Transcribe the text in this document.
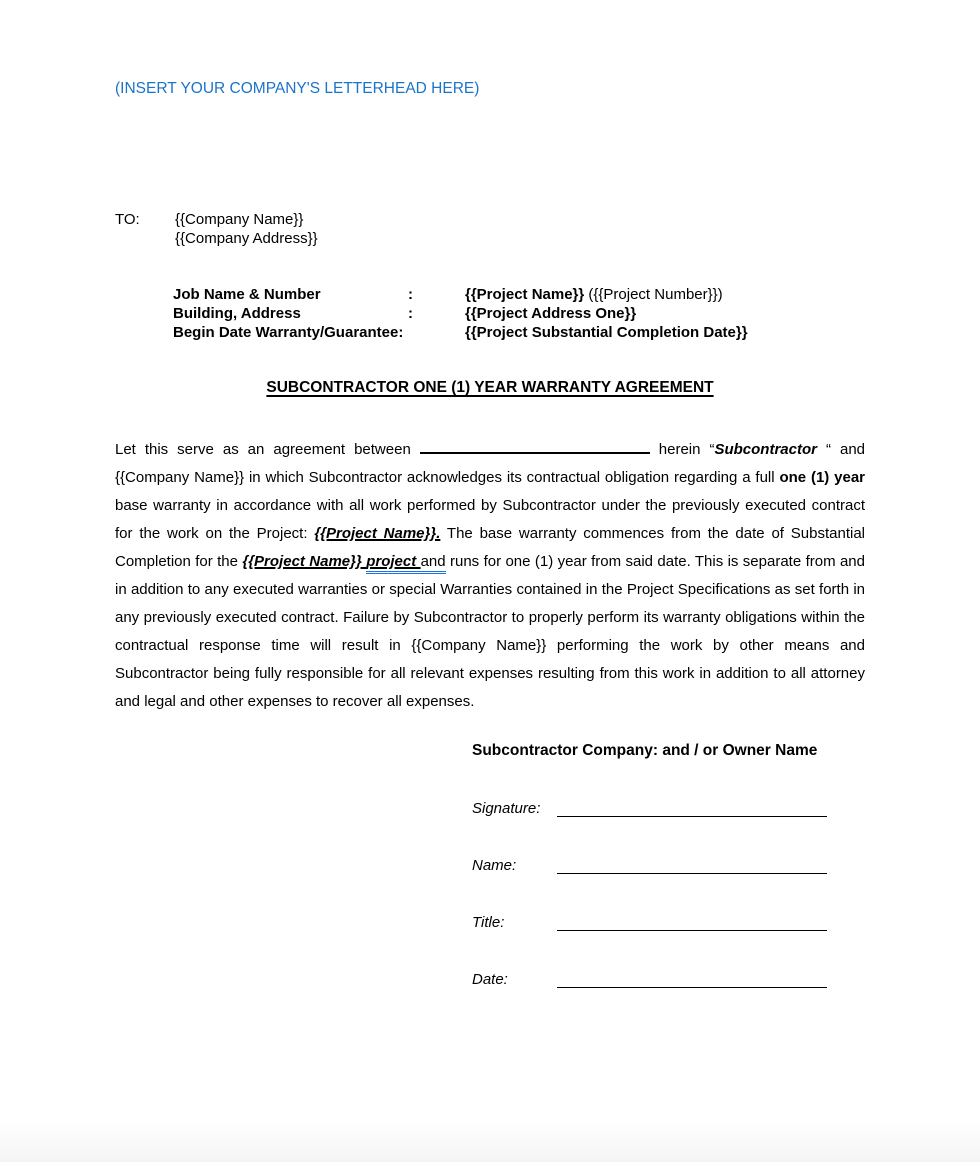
(INSERT YOUR COMPANY'S LETTERHEAD HERE)
TO:	{{Company Name}}
{{Company Address}}
Job Name & Number	:	{{Project Name}} ({{Project Number}})
Building, Address	:	{{Project Address One}}
Begin Date Warranty/Guarantee:	{{Project Substantial Completion Date}}
SUBCONTRACTOR ONE (1) YEAR WARRANTY AGREEMENT

Let this serve as an agreement between	herein “Subcontractor “ and {{Company Name}} in which Subcontractor acknowledges its contractual obligation regarding a full one (1) year base warranty in accordance with all work performed by Subcontractor under the previously executed contract for the work on the Project: {{Project Name}}. The base warranty commences from the date of Substantial Completion for the {{Project Name}} project and runs for one (1) year from said date. This is separate from and in addition to any executed warranties or special Warranties contained in the Project Specifications as set forth in any previously executed contract. Failure by Subcontractor to properly perform its warranty obligations within the contractual response time will result in {{Company Name}} performing the work by other means and Subcontractor being fully responsible for all relevant expenses resulting from this work in addition to all attorney and legal and other expenses to recover all expenses.

Subcontractor Company: and / or Owner Name
Signature:
Name:
Title:
Date:
